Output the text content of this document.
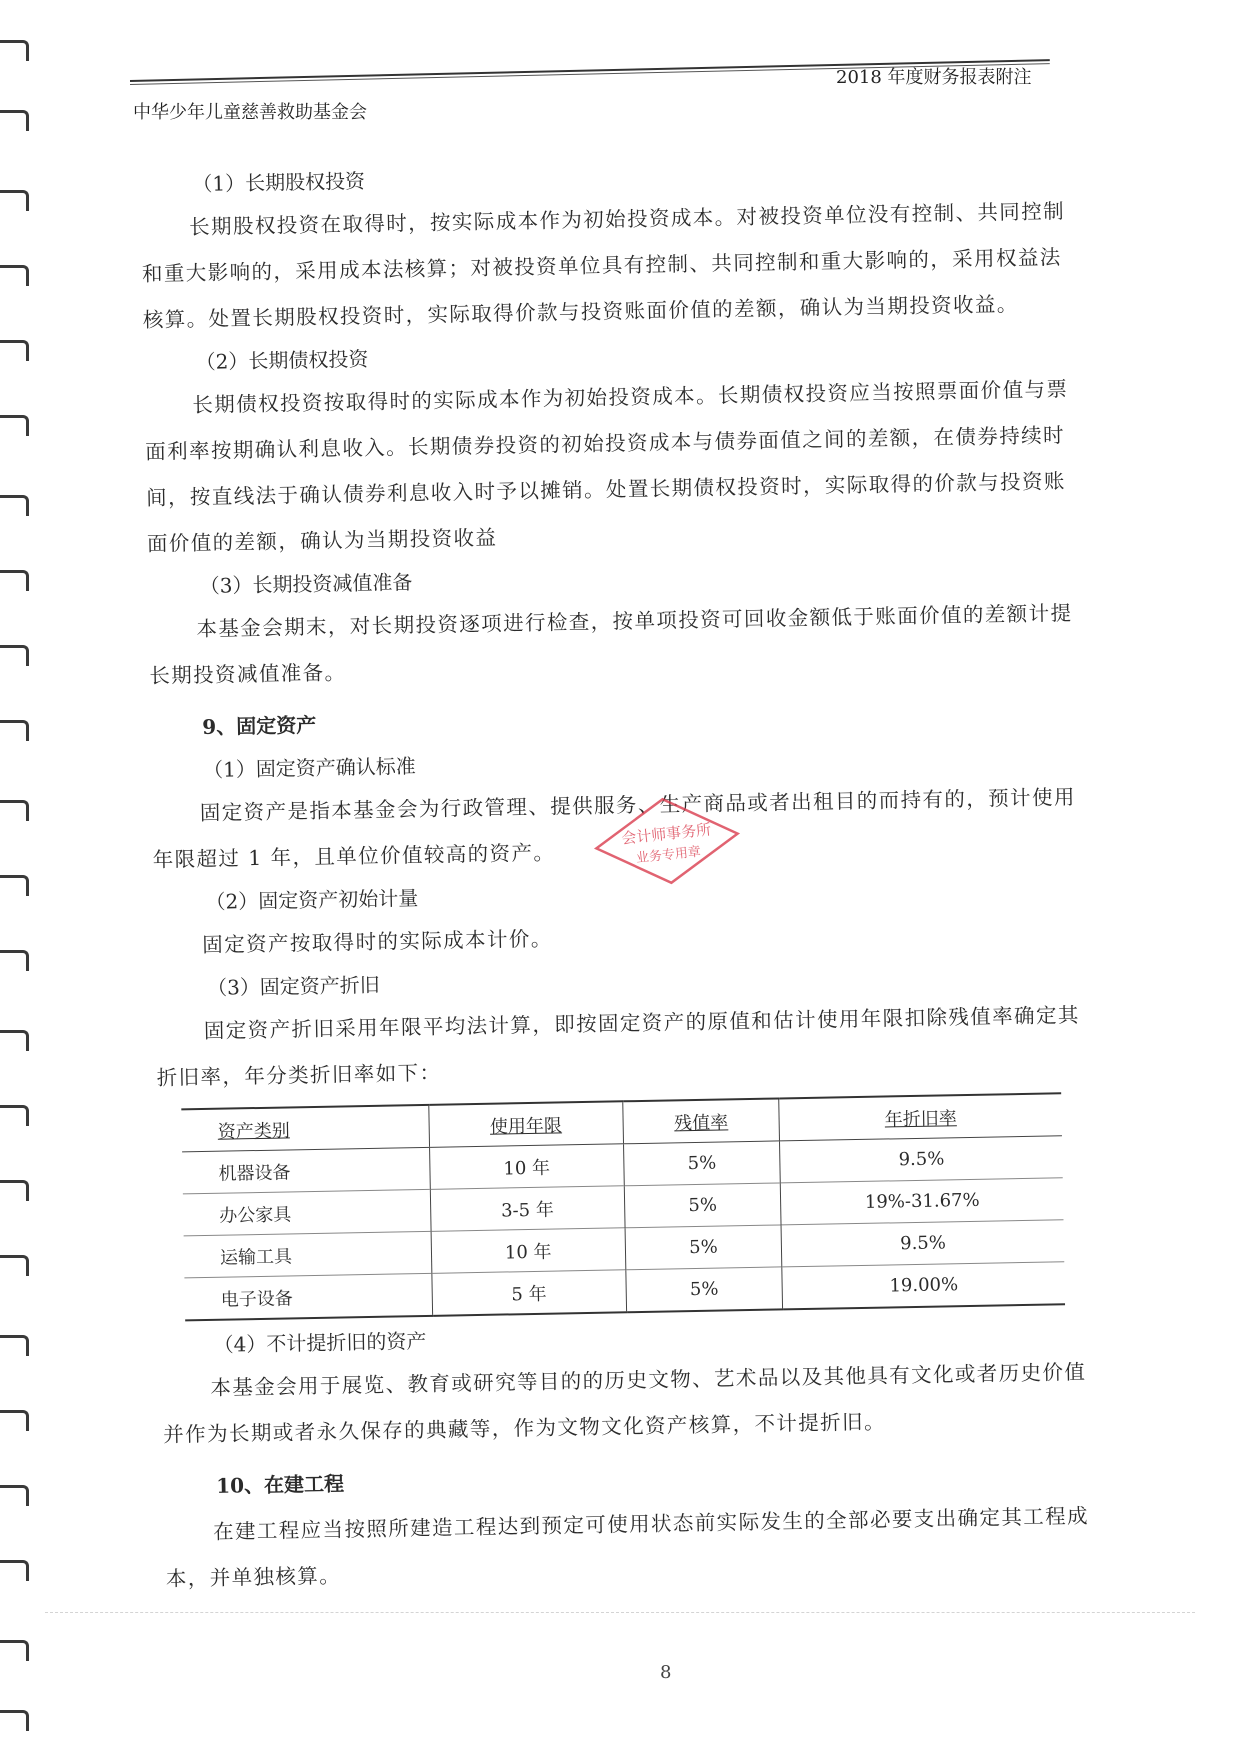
2018 年度财务报表附注
中华少年儿童慈善救助基金会

（1）长期股权投资

长期股权投资在取得时，按实际成本作为初始投资成本。对被投资单位没有控制、共同控制和重大影响的，采用成本法核算；对被投资单位具有控制、共同控制和重大影响的，采用权益法核算。处置长期股权投资时，实际取得价款与投资账面价值的差额，确认为当期投资收益。

（2）长期债权投资

长期债权投资按取得时的实际成本作为初始投资成本。长期债权投资应当按照票面价值与票面利率按期确认利息收入。长期债券投资的初始投资成本与债券面值之间的差额，在债券持续时间，按直线法于确认债券利息收入时予以摊销。处置长期债权投资时，实际取得的价款与投资账面价值的差额，确认为当期投资收益

（3）长期投资减值准备

本基金会期末，对长期投资逐项进行检查，按单项投资可回收金额低于账面价值的差额计提长期投资减值准备。

9、固定资产

（1）固定资产确认标准

固定资产是指本基金会为行政管理、提供服务、生产商品或者出租目的而持有的，预计使用年限超过 1 年，且单位价值较高的资产。

（2）固定资产初始计量

固定资产按取得时的实际成本计价。

（3）固定资产折旧

固定资产折旧采用年限平均法计算，即按固定资产的原值和估计使用年限扣除残值率确定其折旧率，年分类折旧率如下：

资产类别	使用年限	残值率	年折旧率
机器设备	10 年	5%	9.5%
办公家具	3-5 年	5%	19%-31.67%
运输工具	10 年	5%	9.5%
电子设备	5 年	5%	19.00%

（4）不计提折旧的资产

本基金会用于展览、教育或研究等目的的历史文物、艺术品以及其他具有文化或者历史价值并作为长期或者永久保存的典藏等，作为文物文化资产核算，不计提折旧。

10、在建工程

在建工程应当按照所建造工程达到预定可使用状态前实际发生的全部必要支出确定其工程成本，并单独核算。

会计师事务所
业务专用章
8
